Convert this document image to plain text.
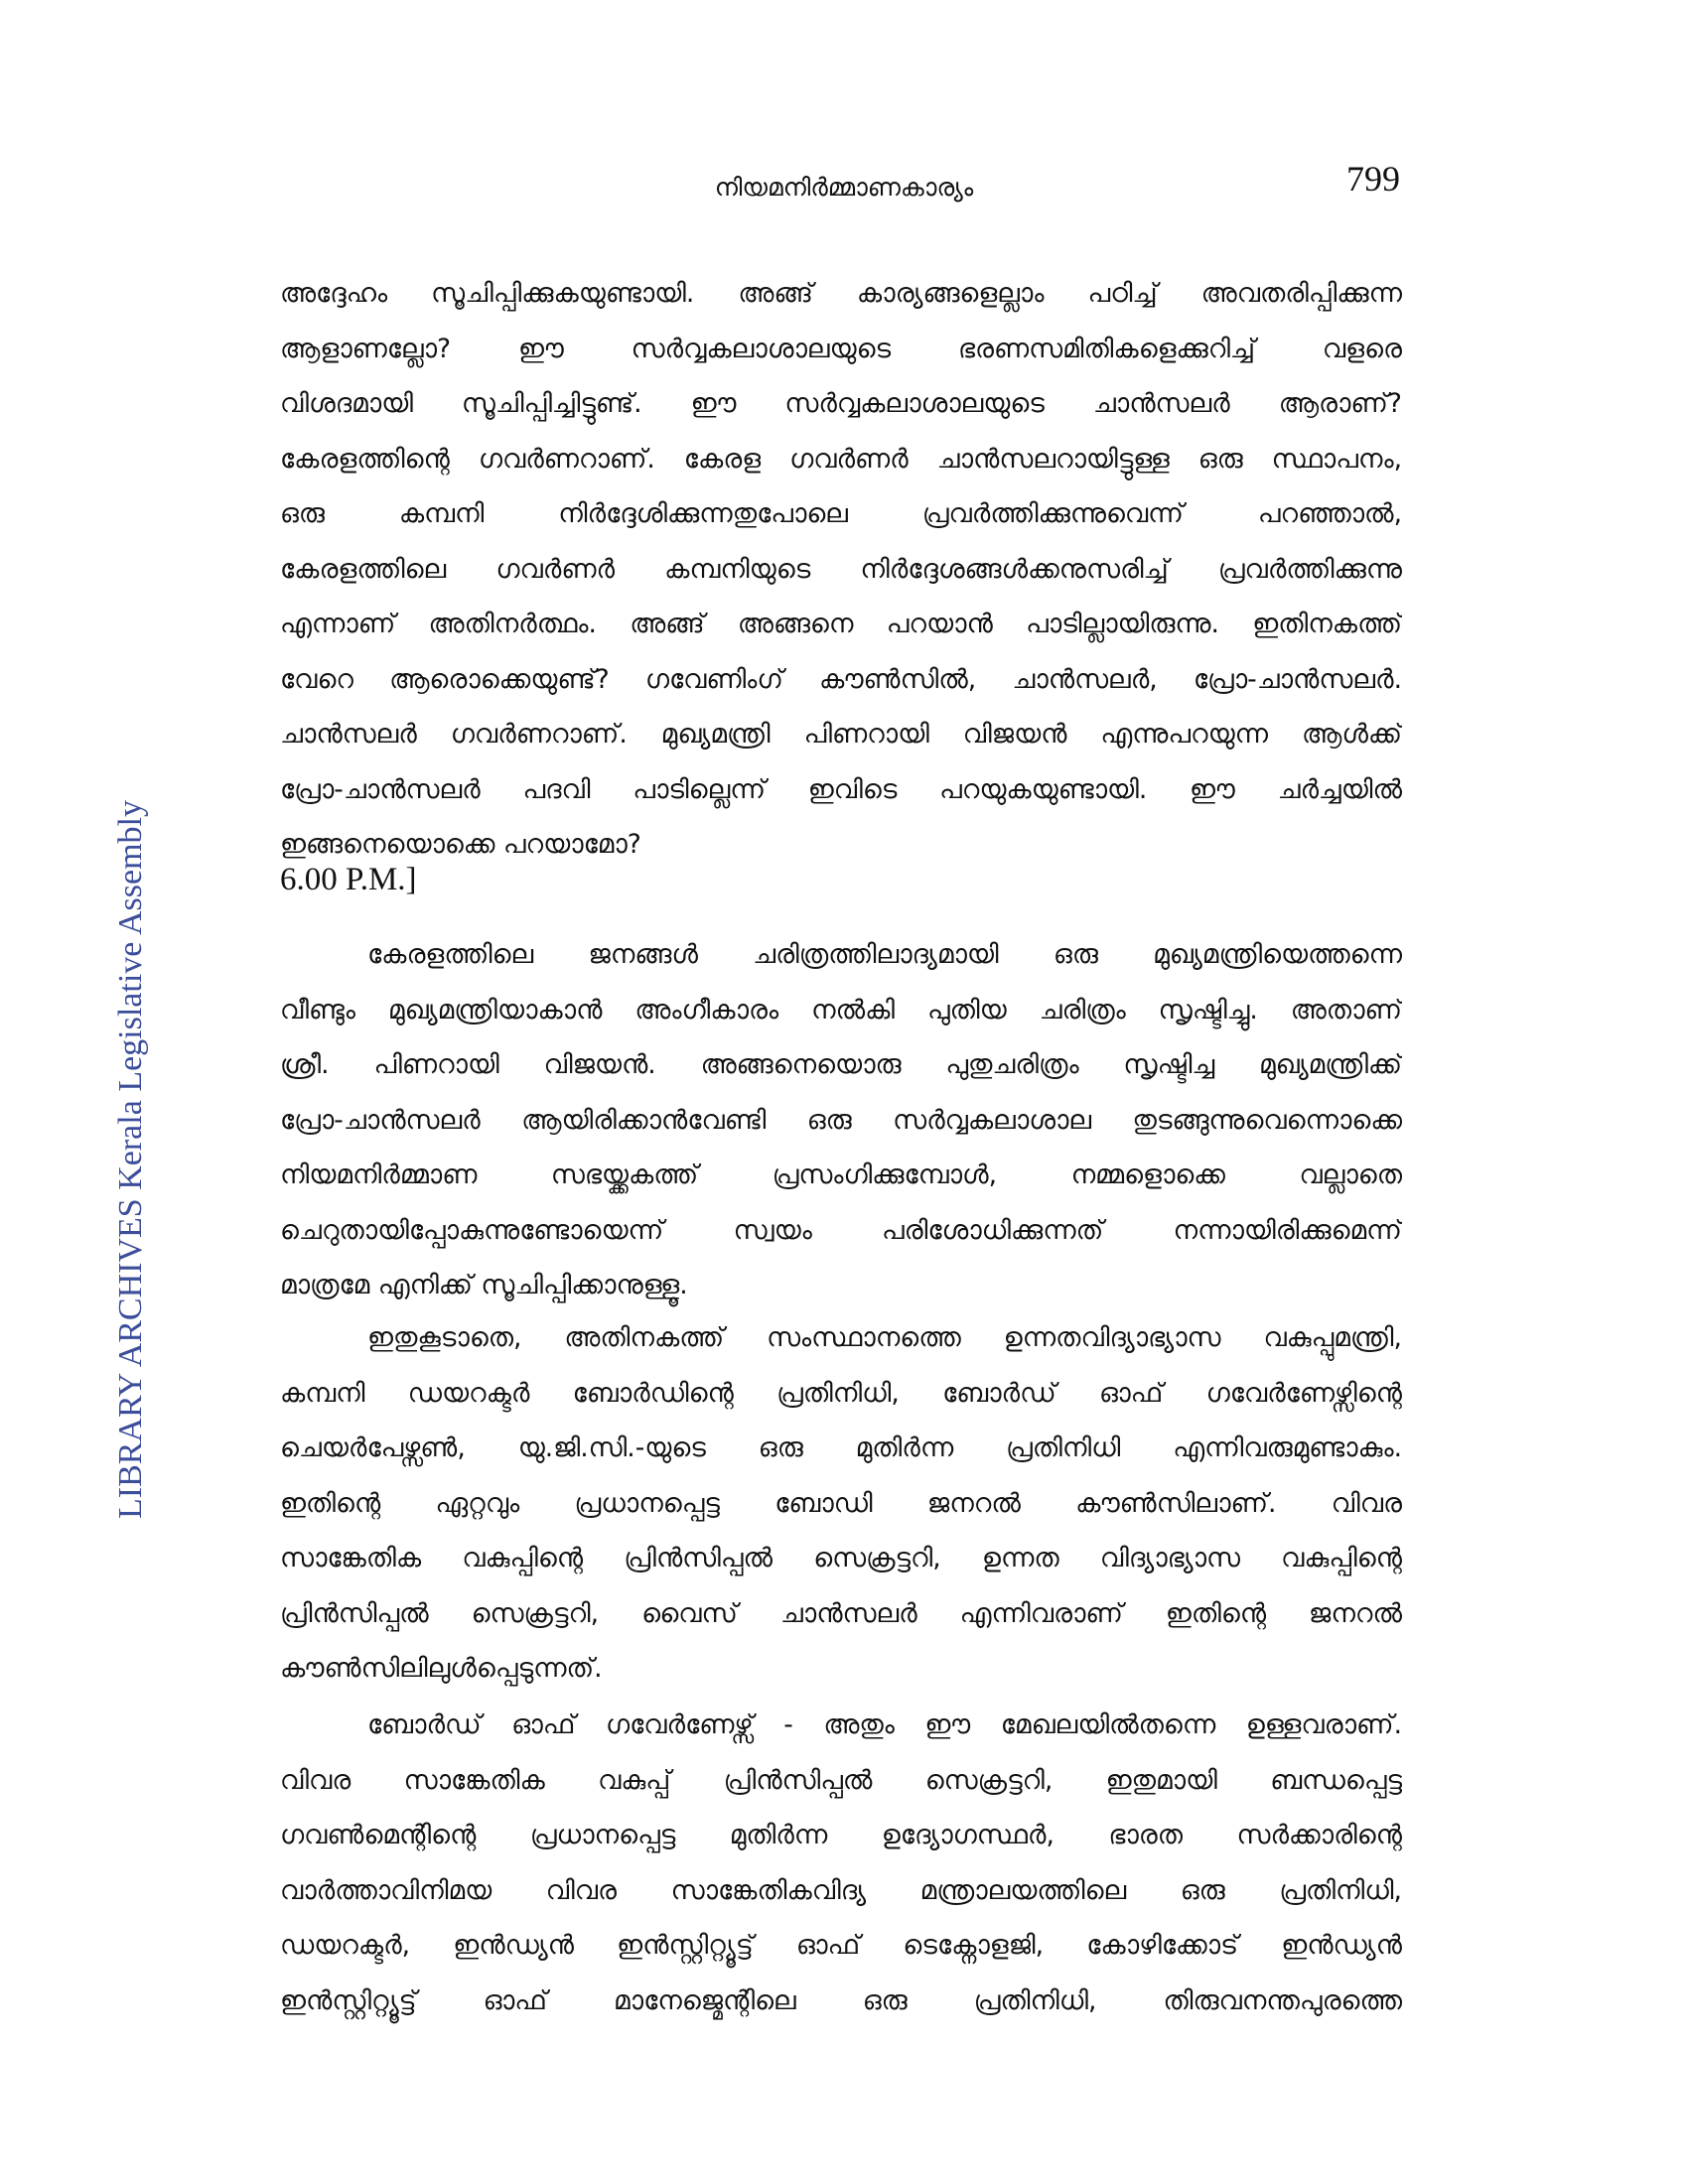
നിയമനിർമ്മാണകാര്യം	799
LIBRARY ARCHIVES Kerala Legislative Assembly

അദ്ദേഹം സൂചിപ്പിക്കുകയുണ്ടായി. അങ്ങ് കാര്യങ്ങളെല്ലാം പഠിച്ച് അവതരിപ്പിക്കുന്ന
ആളാണല്ലോ? ഈ സർവ്വകലാശാലയുടെ ഭരണസമിതികളെക്കുറിച്ച് വളരെ
വിശദമായി സൂചിപ്പിച്ചിട്ടുണ്ട്. ഈ സർവ്വകലാശാലയുടെ ചാൻസലർ ആരാണ്?
കേരളത്തിന്റെ ഗവർണറാണ്. കേരള ഗവർണർ ചാൻസലറായിട്ടുള്ള ഒരു സ്ഥാപനം,
ഒരു കമ്പനി നിർദ്ദേശിക്കുന്നതുപോലെ പ്രവർത്തിക്കുന്നുവെന്ന് പറഞ്ഞാൽ,
കേരളത്തിലെ ഗവർണർ കമ്പനിയുടെ നിർദ്ദേശങ്ങൾക്കനുസരിച്ച് പ്രവർത്തിക്കുന്നു
എന്നാണ് അതിനർത്ഥം. അങ്ങ് അങ്ങനെ പറയാൻ പാടില്ലായിരുന്നു. ഇതിനകത്ത്
വേറെ ആരൊക്കെയുണ്ട്? ഗവേണിംഗ് കൗൺസിൽ, ചാൻസലർ, പ്രോ-ചാൻസലർ.
ചാൻസലർ ഗവർണറാണ്. മുഖ്യമന്ത്രി പിണറായി വിജയൻ എന്നുപറയുന്ന ആൾക്ക്
പ്രോ-ചാൻസലർ പദവി പാടില്ലെന്ന് ഇവിടെ പറയുകയുണ്ടായി. ഈ ചർച്ചയിൽ
ഇങ്ങനെയൊക്കെ പറയാമോ?

6.00 P.M.]

കേരളത്തിലെ ജനങ്ങൾ ചരിത്രത്തിലാദ്യമായി ഒരു മുഖ്യമന്ത്രിയെത്തന്നെ
വീണ്ടും മുഖ്യമന്ത്രിയാകാൻ അംഗീകാരം നൽകി പുതിയ ചരിത്രം സൃഷ്ടിച്ചു. അതാണ്
ശ്രീ. പിണറായി വിജയൻ. അങ്ങനെയൊരു പുതുചരിത്രം സൃഷ്ടിച്ച മുഖ്യമന്ത്രിക്ക്
പ്രോ-ചാൻസലർ ആയിരിക്കാൻവേണ്ടി ഒരു സർവ്വകലാശാല തുടങ്ങുന്നുവെന്നൊക്കെ
നിയമനിർമ്മാണ സഭയ്ക്കകത്ത് പ്രസംഗിക്കുമ്പോൾ, നമ്മളൊക്കെ വല്ലാതെ
ചെറുതായിപ്പോകുന്നുണ്ടോയെന്ന് സ്വയം പരിശോധിക്കുന്നത് നന്നായിരിക്കുമെന്ന്
മാത്രമേ എനിക്ക് സൂചിപ്പിക്കാനുള്ളൂ.

ഇതുകൂടാതെ, അതിനകത്ത് സംസ്ഥാനത്തെ ഉന്നതവിദ്യാഭ്യാസ വകുപ്പുമന്ത്രി,
കമ്പനി ഡയറക്ടർ ബോർഡിന്റെ പ്രതിനിധി, ബോർഡ് ഓഫ് ഗവേർണേഴ്സിന്റെ
ചെയർപേഴ്സൺ, യു.ജി.സി.-യുടെ ഒരു മുതിർന്ന പ്രതിനിധി എന്നിവരുമുണ്ടാകും.
ഇതിന്റെ ഏറ്റവും പ്രധാനപ്പെട്ട ബോഡി ജനറൽ കൗൺസിലാണ്. വിവര
സാങ്കേതിക വകുപ്പിന്റെ പ്രിൻസിപ്പൽ സെക്രട്ടറി, ഉന്നത വിദ്യാഭ്യാസ വകുപ്പിന്റെ
പ്രിൻസിപ്പൽ സെക്രട്ടറി, വൈസ് ചാൻസലർ എന്നിവരാണ് ഇതിന്റെ ജനറൽ
കൗൺസിലിലുൾപ്പെടുന്നത്.

ബോർഡ് ഓഫ് ഗവേർണേഴ്സ് - അതും ഈ മേഖലയിൽതന്നെ ഉള്ളവരാണ്.
വിവര സാങ്കേതിക വകുപ്പ് പ്രിൻസിപ്പൽ സെക്രട്ടറി, ഇതുമായി ബന്ധപ്പെട്ട
ഗവൺമെന്റിന്റെ പ്രധാനപ്പെട്ട മുതിർന്ന ഉദ്യോഗസ്ഥർ, ഭാരത സർക്കാരിന്റെ
വാർത്താവിനിമയ വിവര സാങ്കേതികവിദ്യ മന്ത്രാലയത്തിലെ ഒരു പ്രതിനിധി,
ഡയറക്ടർ, ഇൻഡ്യൻ ഇൻസ്റ്റിറ്റ്യൂട്ട് ഓഫ് ടെക്നോളജി, കോഴിക്കോട് ഇൻഡ്യൻ
ഇൻസ്റ്റിറ്റ്യൂട്ട് ഓഫ് മാനേജ്മെന്റിലെ ഒരു പ്രതിനിധി, തിരുവനന്തപുരത്തെ
